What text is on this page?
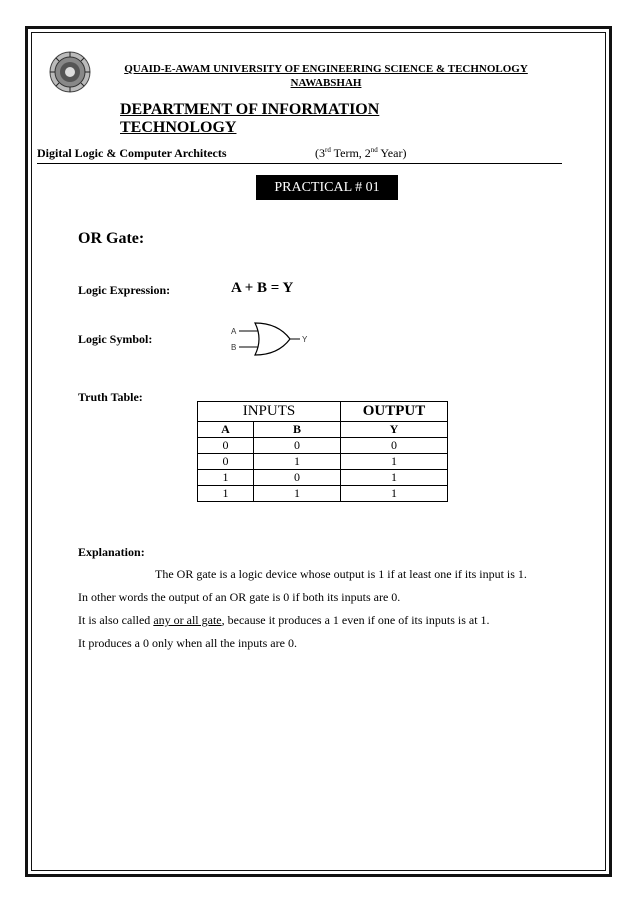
QUAID-E-AWAM UNIVERSITY OF ENGINEERING SCIENCE & TECHNOLOGY
NAWABSHAH
DEPARTMENT OF INFORMATION TECHNOLOGY
Digital Logic & Computer Architects	(3rd Term, 2nd Year)
PRACTICAL # 01
OR Gate:
Logic Expression:	A + B = Y
Logic Symbol:
A
B
Y
Truth Table:
INPUTS		OUTPUT
A	B	Y
0	0	0
0	1	1
1	0	1
1	1	1
Explanation:
The OR gate is a logic device whose output is 1 if at least one if its input is 1.
In other words the output of an OR gate is 0 if both its inputs are 0.
It is also called any or all gate, because it produces a 1 even if one of its inputs is at 1.
It produces a 0 only when all the inputs are 0.
